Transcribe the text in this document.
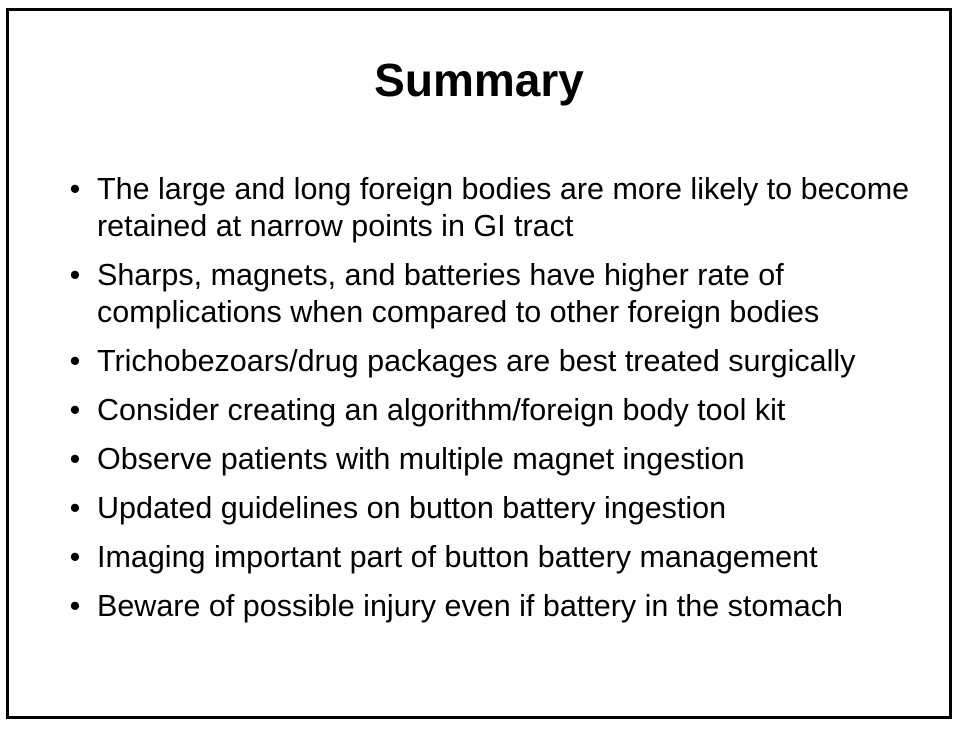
Summary
• The large and long foreign bodies are more likely to become retained at narrow points in GI tract
• Sharps, magnets, and batteries have higher rate of complications when compared to other foreign bodies
• Trichobezoars/drug packages are best treated surgically
• Consider creating an algorithm/foreign body tool kit
• Observe patients with multiple magnet ingestion
• Updated guidelines on button battery ingestion
• Imaging important part of button battery management
• Beware of possible injury even if battery in the stomach
